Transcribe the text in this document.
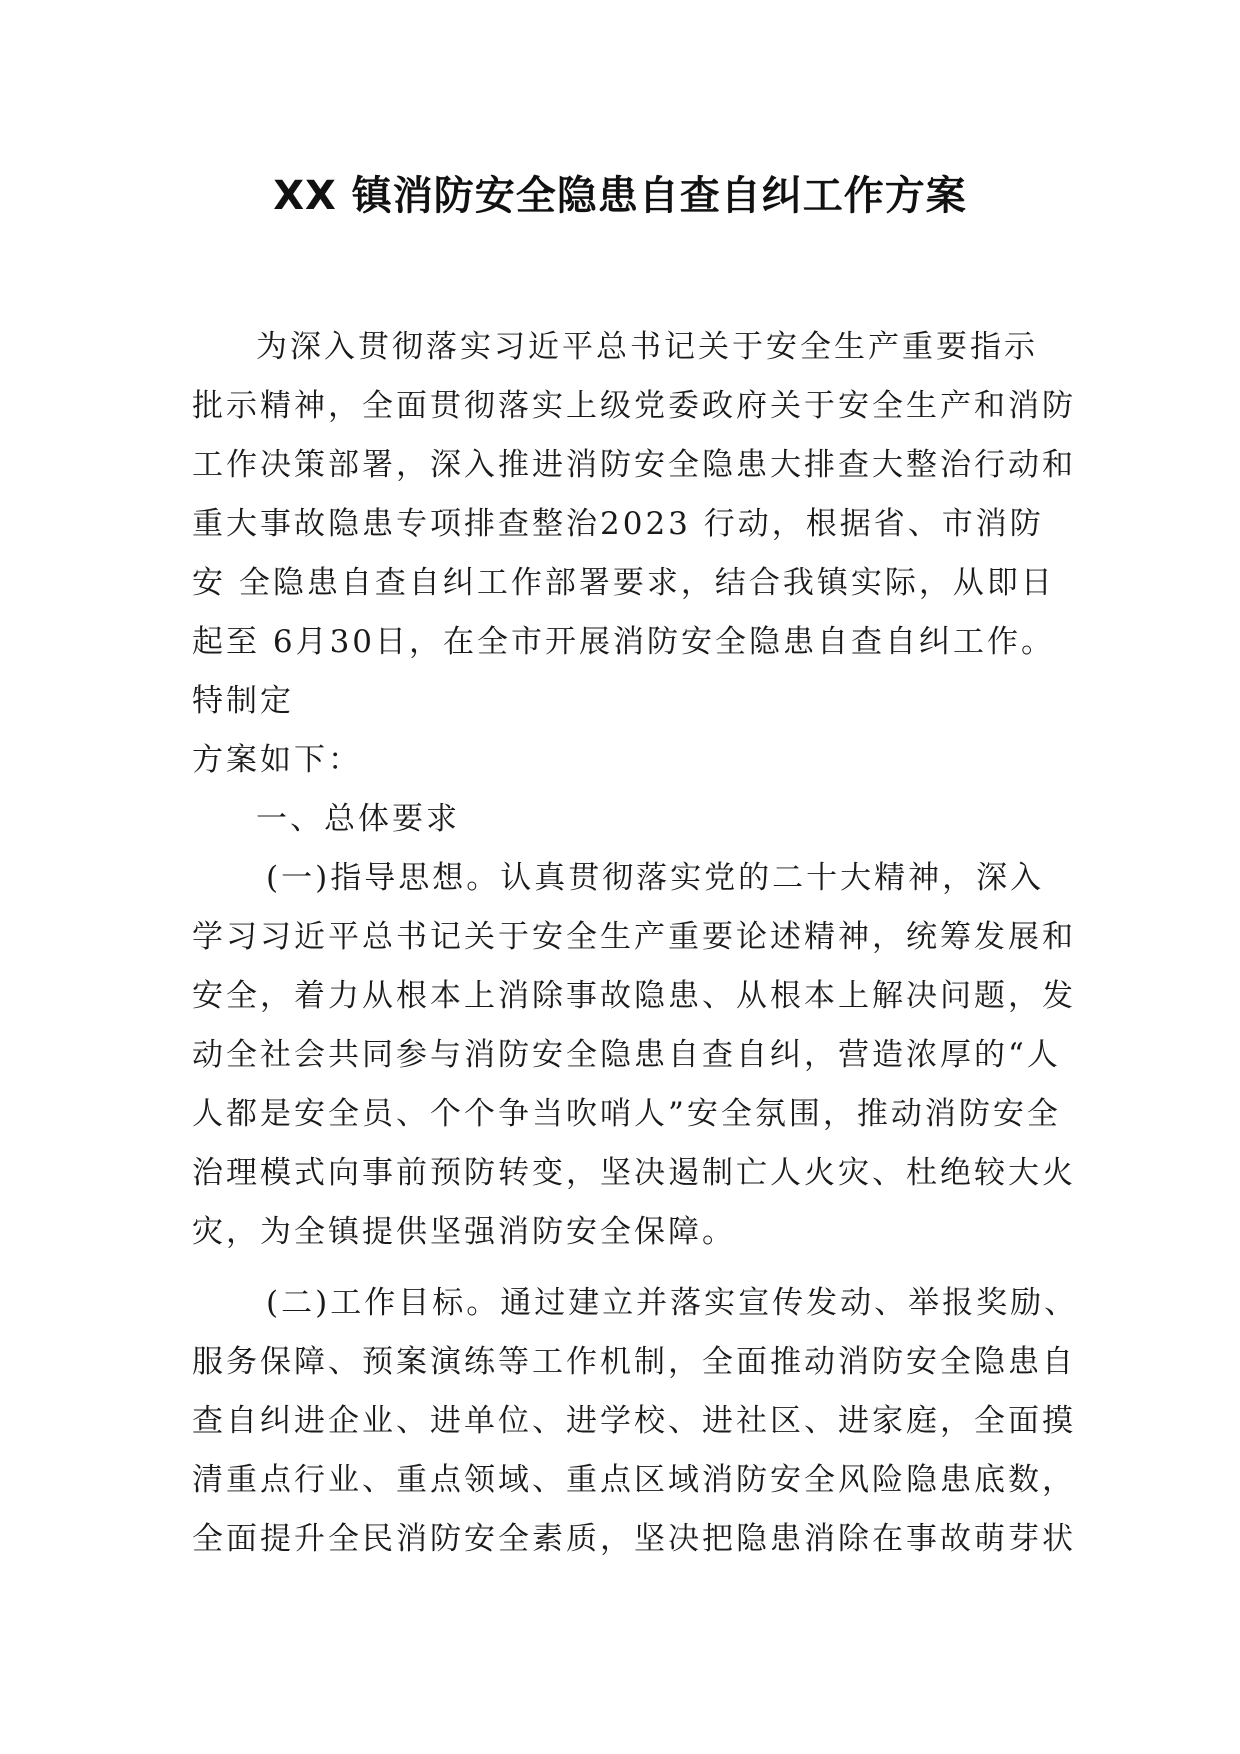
XX 镇消防安全隐患自查自纠工作方案
为深入贯彻落实习近平总书记关于安全生产重要指示
批示精神，全面贯彻落实上级党委政府关于安全生产和消防
工作决策部署，深入推进消防安全隐患大排查大整治行动和
重大事故隐患专项排查整治2023 行动，根据省、市消防
安 全隐患自查自纠工作部署要求，结合我镇实际，从即日
起至 6月30日，在全市开展消防安全隐患自查自纠工作。
特制定
方案如下：
一、总体要求
(一)指导思想。认真贯彻落实党的二十大精神，深入
学习习近平总书记关于安全生产重要论述精神，统筹发展和
安全，着力从根本上消除事故隐患、从根本上解决问题，发
动全社会共同参与消防安全隐患自查自纠，营造浓厚的“人
人都是安全员、个个争当吹哨人”安全氛围，推动消防安全
治理模式向事前预防转变，坚决遏制亡人火灾、杜绝较大火
灾，为全镇提供坚强消防安全保障。
(二)工作目标。通过建立并落实宣传发动、举报奖励、
服务保障、预案演练等工作机制，全面推动消防安全隐患自
查自纠进企业、进单位、进学校、进社区、进家庭，全面摸
清重点行业、重点领域、重点区域消防安全风险隐患底数，
全面提升全民消防安全素质，坚决把隐患消除在事故萌芽状
